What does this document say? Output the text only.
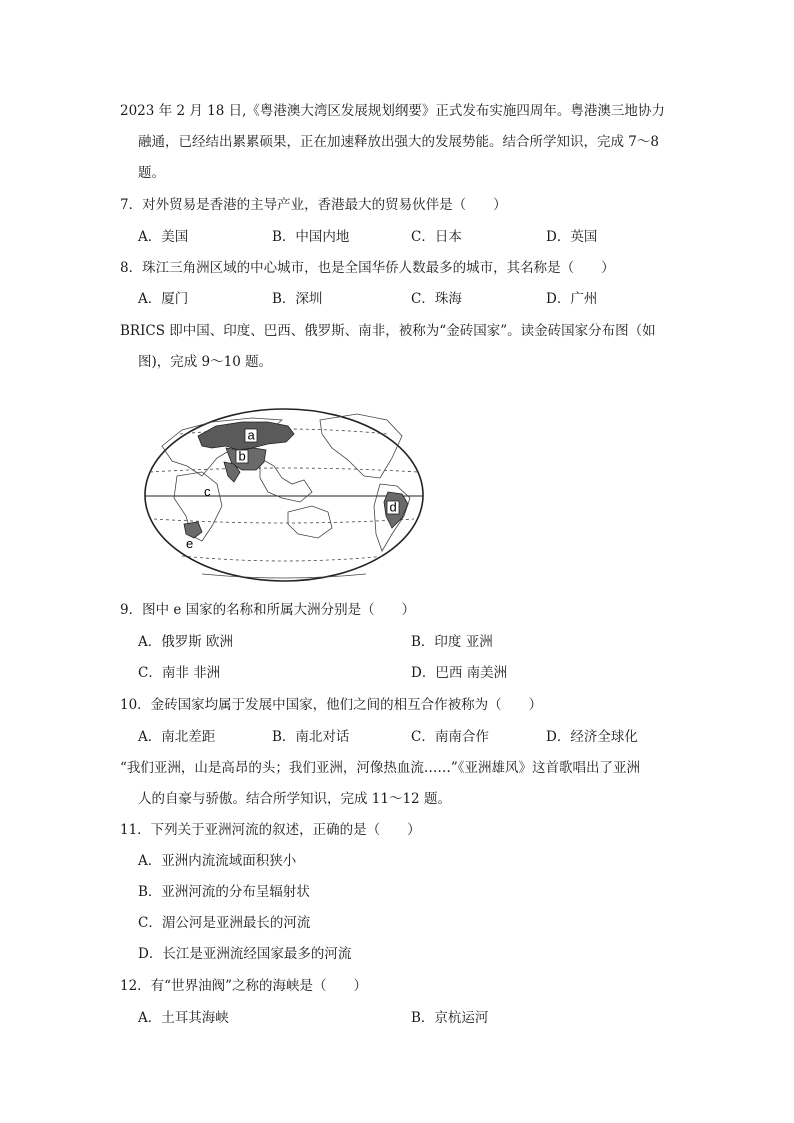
2023 年 2 月 18 日,《粤港澳大湾区发展规划纲要》正式发布实施四周年。粤港澳三地协力
融通，已经结出累累硕果，正在加速释放出强大的发展势能。结合所学知识，完成 7～8
题。
7．对外贸易是香港的主导产业，香港最大的贸易伙伴是（　　）
A．美国	B．中国内地	C．日本	D．英国
8．珠江三角洲区域的中心城市，也是全国华侨人数最多的城市，其名称是（　　）
A．厦门	B．深圳	C．珠海	D．广州
BRICS 即中国、印度、巴西、俄罗斯、南非，被称为“金砖国家”。读金砖国家分布图（如
图)，完成 9～10 题。
a
b
c
d
e
9．图中 e 国家的名称和所属大洲分别是（　　）
A．俄罗斯 欧洲	B．印度 亚洲
C．南非 非洲	D．巴西 南美洲
10．金砖国家均属于发展中国家，他们之间的相互合作被称为（　　）
A．南北差距	B．南北对话	C．南南合作	D．经济全球化
“我们亚洲，山是高昂的头；我们亚洲，河像热血流……”《亚洲雄风》这首歌唱出了亚洲
人的自豪与骄傲。结合所学知识，完成 11～12 题。
11．下列关于亚洲河流的叙述，正确的是（　　）
A．亚洲内流流域面积狭小
B．亚洲河流的分布呈辐射状
C．湄公河是亚洲最长的河流
D．长江是亚洲流经国家最多的河流
12．有“世界油阀”之称的海峡是（　　）
A．土耳其海峡	B．京杭运河
